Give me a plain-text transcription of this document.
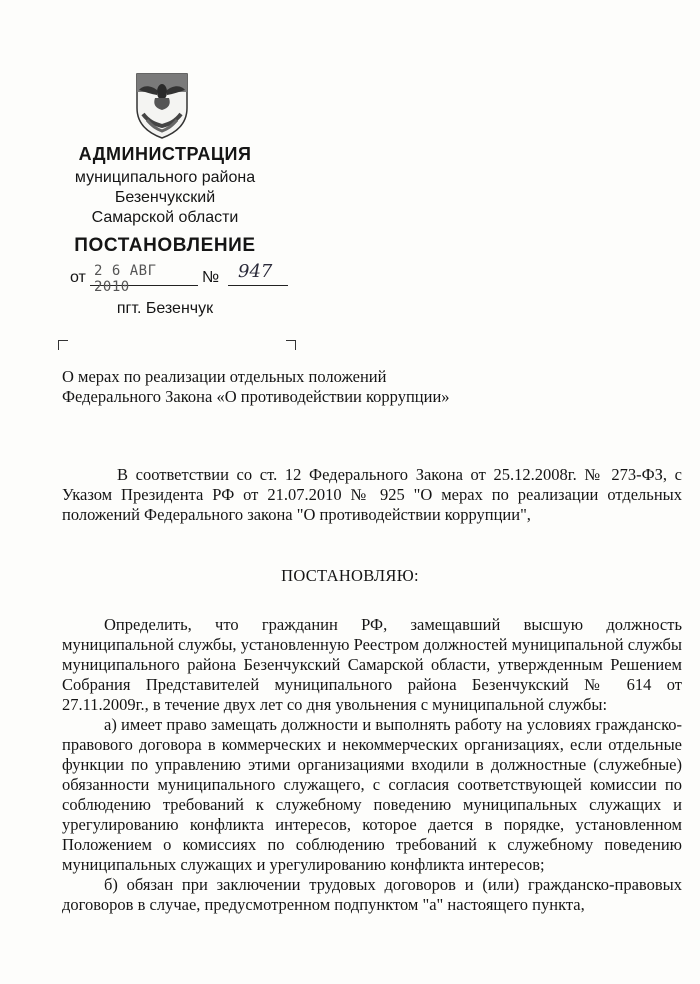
АДМИНИСТРАЦИЯ
муниципального района
Безенчукский
Самарской области
ПОСТАНОВЛЕНИЕ
от 2 6 АВГ 2010
№ 947
пгт. Безенчук
О мерах по реализации отдельных положений
Федерального Закона «О противодействии коррупции»

В соответствии со ст. 12 Федерального Закона от 25.12.2008г. № 273-ФЗ, с Указом Президента РФ от 21.07.2010 № 925 "О мерах по реализации отдельных положений Федерального закона "О противодействии коррупции",

ПОСТАНОВЛЯЮ:

Определить, что гражданин РФ, замещавший высшую должность муниципальной службы, установленную Реестром должностей муниципальной службы муниципального района Безенчукский Самарской области, утвержденным Решением Собрания Представителей муниципального района Безенчукский № 614 от 27.11.2009г., в течение двух лет со дня увольнения с муниципальной службы:

а) имеет право замещать должности и выполнять работу на условиях гражданско-правового договора в коммерческих и некоммерческих организациях, если отдельные функции по управлению этими организациями входили в должностные (служебные) обязанности муниципального служащего, с согласия соответствующей комиссии по соблюдению требований к служебному поведению муниципальных служащих и урегулированию конфликта интересов, которое дается в порядке, установленном Положением о комиссиях по соблюдению требований к служебному поведению муниципальных служащих и урегулированию конфликта интересов;

б) обязан при заключении трудовых договоров и (или) гражданско-правовых договоров в случае, предусмотренном подпунктом "а" настоящего пункта,
